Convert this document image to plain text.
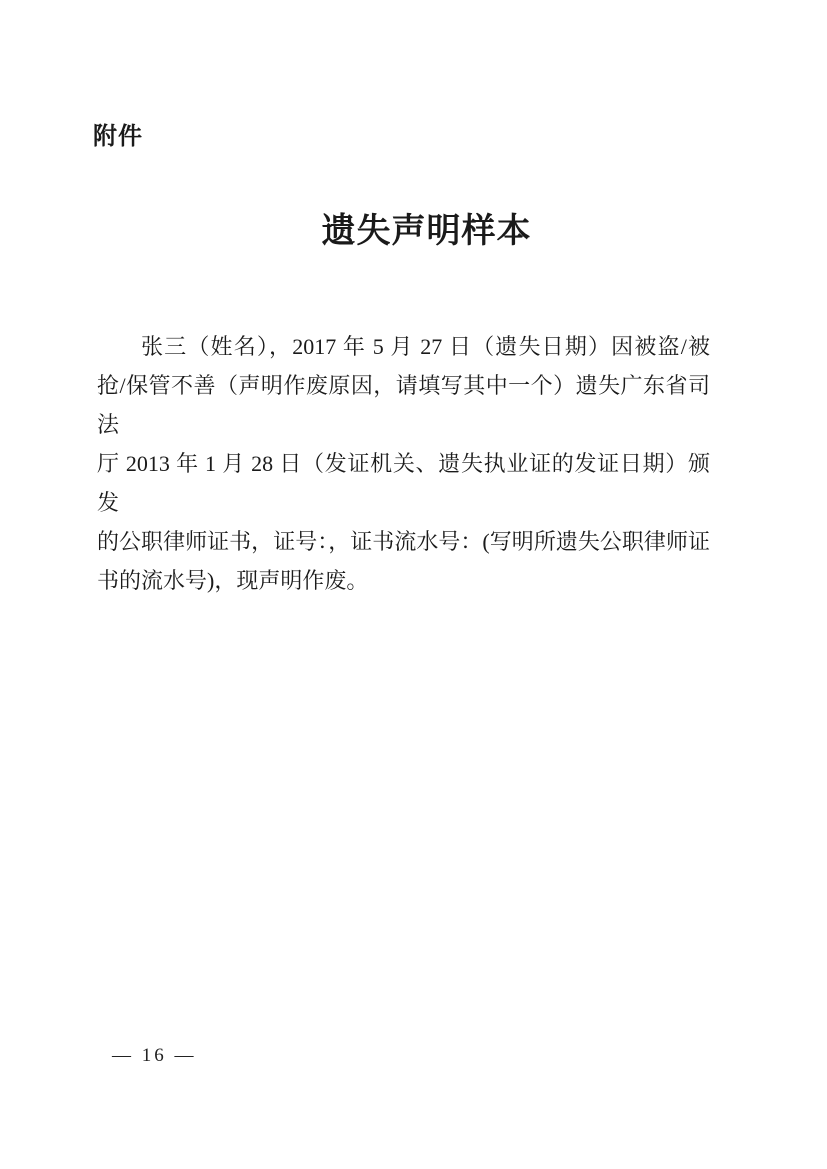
附件
遗失声明样本

张三（姓名），2017 年 5 月 27 日（遗失日期）因被盗/被

抢/保管不善（声明作废原因，请填写其中一个）遗失广东省司法

厅 2013 年 1 月 28 日（发证机关、遗失执业证的发证日期）颁发

的公职律师证书，证号：，证书流水号：(写明所遗失公职律师证

书的流水号)，现声明作废。

— 16 —
